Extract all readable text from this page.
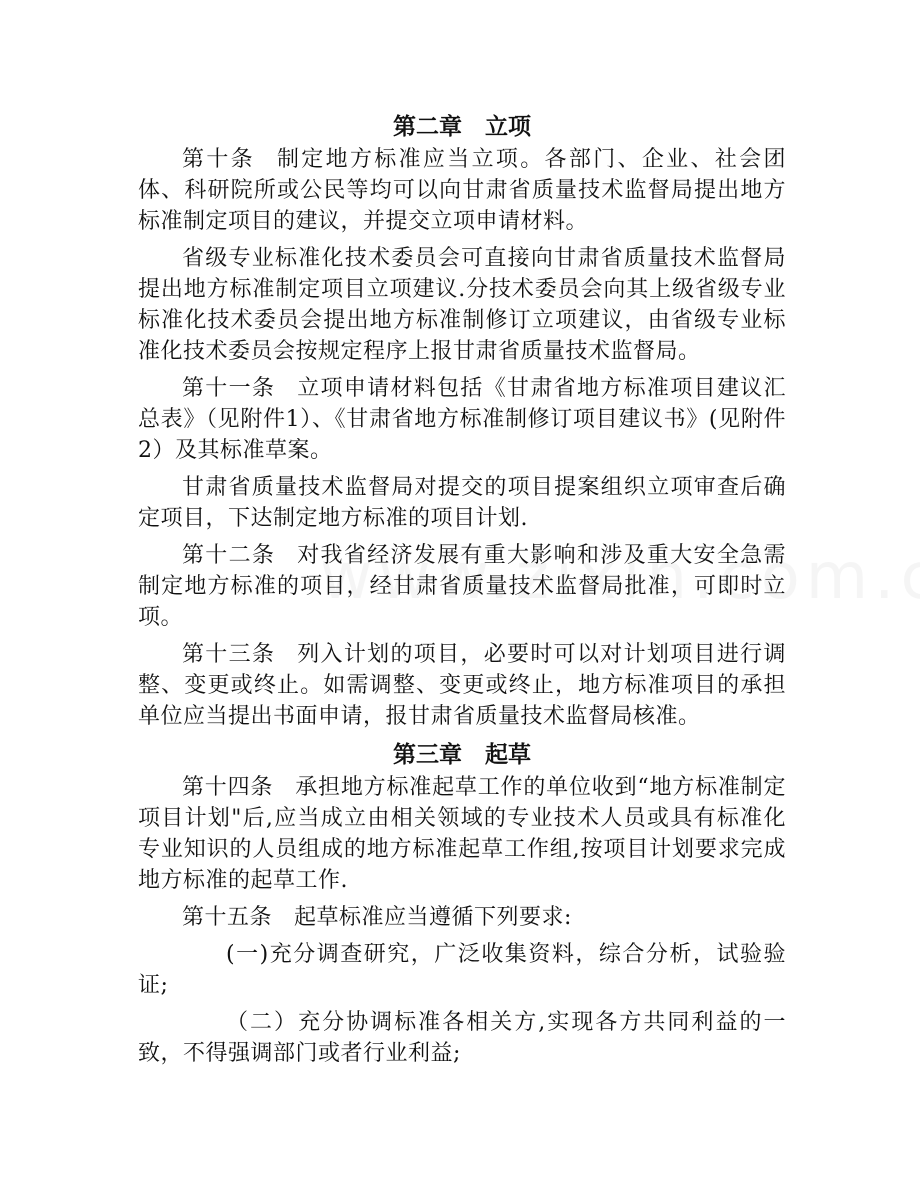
第二章　立项

第十条 制定地方标准应当立项。各部门、企业、社会团体、科研院所或公民等均可以向甘肃省质量技术监督局提出地方标准制定项目的建议，并提交立项申请材料。

省级专业标准化技术委员会可直接向甘肃省质量技术监督局提出地方标准制定项目立项建议.分技术委员会向其上级省级专业标准化技术委员会提出地方标准制修订立项建议，由省级专业标准化技术委员会按规定程序上报甘肃省质量技术监督局。

第十一条 立项申请材料包括《甘肃省地方标准项目建议汇总表》（见附件1）、《甘肃省地方标准制修订项目建议书》(见附件2）及其标准草案。

甘肃省质量技术监督局对提交的项目提案组织立项审查后确定项目，下达制定地方标准的项目计划.

第十二条 对我省经济发展有重大影响和涉及重大安全急需制定地方标准的项目，经甘肃省质量技术监督局批准，可即时立项。

第十三条 列入计划的项目，必要时可以对计划项目进行调整、变更或终止。如需调整、变更或终止，地方标准项目的承担单位应当提出书面申请，报甘肃省质量技术监督局核准。

第三章　起草

第十四条 承担地方标准起草工作的单位收到“地方标准制定项目计划"后,应当成立由相关领域的专业技术人员或具有标准化专业知识的人员组成的地方标准起草工作组,按项目计划要求完成地方标准的起草工作.

第十五条 起草标准应当遵循下列要求:

(一)充分调查研究，广泛收集资料，综合分析，试验验证;

（二）充分协调标准各相关方,实现各方共同利益的一致，不得强调部门或者行业利益;
